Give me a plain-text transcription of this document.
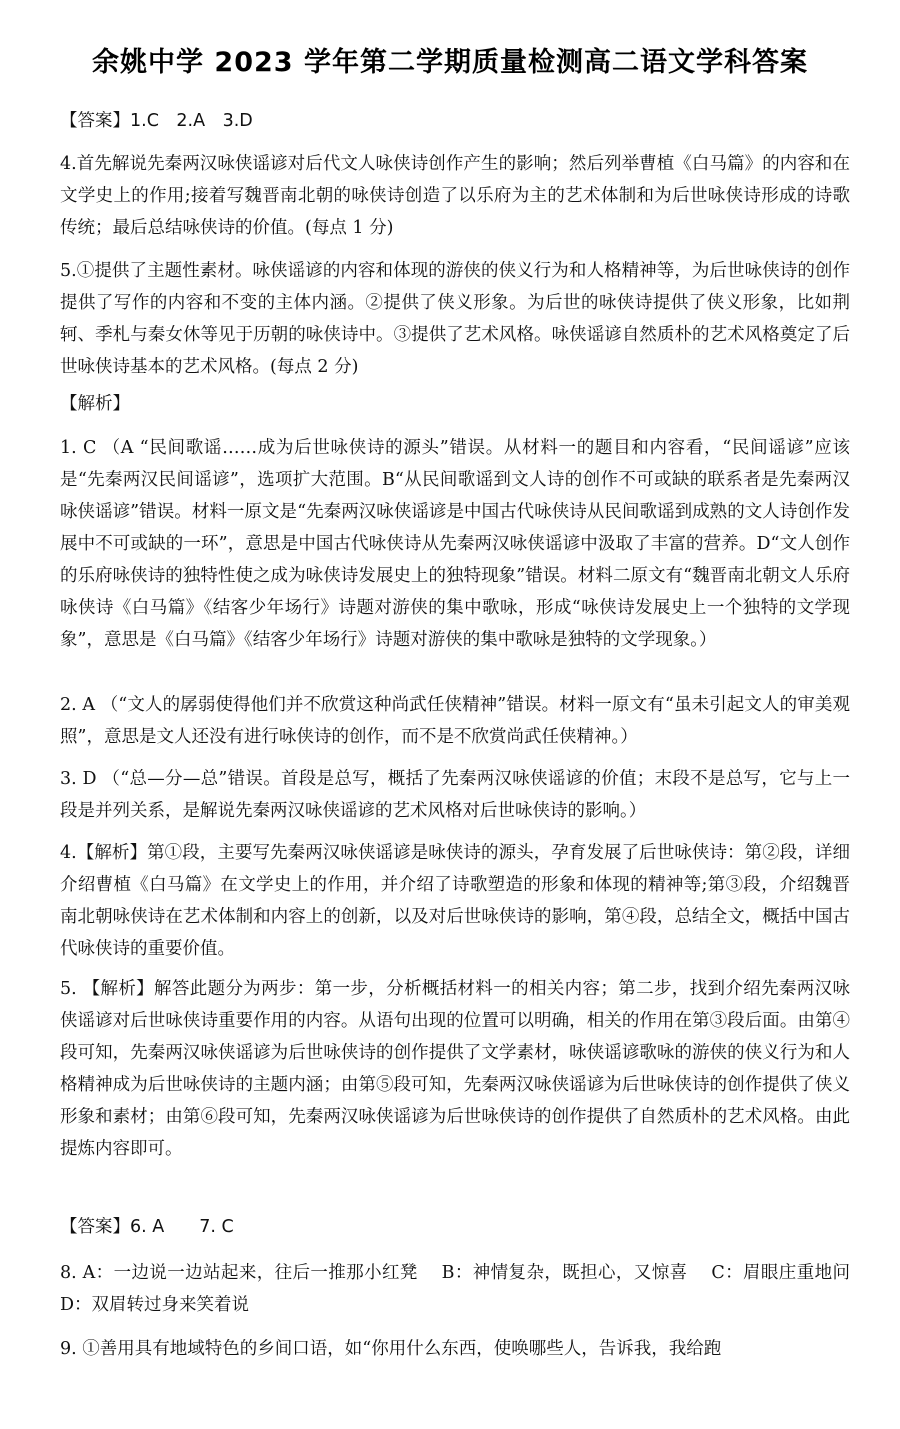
余姚中学 2023 学年第二学期质量检测高二语文学科答案
【答案】1.C　2.A　3.D
4.首先解说先秦两汉咏侠谣谚对后代文人咏侠诗创作产生的影响；然后列举曹植《白马篇》的内容和在文学史上的作用;接着写魏晋南北朝的咏侠诗创造了以乐府为主的艺术体制和为后世咏侠诗形成的诗歌传统；最后总结咏侠诗的价值。(每点 1 分)
5.①提供了主题性素材。咏侠谣谚的内容和体现的游侠的侠义行为和人格精神等，为后世咏侠诗的创作提供了写作的内容和不变的主体内涵。②提供了侠义形象。为后世的咏侠诗提供了侠义形象，比如荆轲、季札与秦女休等见于历朝的咏侠诗中。③提供了艺术风格。咏侠谣谚自然质朴的艺术风格奠定了后世咏侠诗基本的艺术风格。(每点 2 分)
【解析】
1. C （A “民间歌谣……成为后世咏侠诗的源头”错误。从材料一的题目和内容看，“民间谣谚”应该是“先秦两汉民间谣谚”，选项扩大范围。B“从民间歌谣到文人诗的创作不可或缺的联系者是先秦两汉咏侠谣谚”错误。材料一原文是“先秦两汉咏侠谣谚是中国古代咏侠诗从民间歌谣到成熟的文人诗创作发展中不可或缺的一环”，意思是中国古代咏侠诗从先秦两汉咏侠谣谚中汲取了丰富的营养。D“文人创作的乐府咏侠诗的独特性使之成为咏侠诗发展史上的独特现象”错误。材料二原文有“魏晋南北朝文人乐府咏侠诗《白马篇》《结客少年场行》诗题对游侠的集中歌咏，形成“咏侠诗发展史上一个独特的文学现象”，意思是《白马篇》《结客少年场行》诗题对游侠的集中歌咏是独特的文学现象。）
2. A （“文人的孱弱使得他们并不欣赏这种尚武任侠精神”错误。材料一原文有“虽未引起文人的审美观照”，意思是文人还没有进行咏侠诗的创作，而不是不欣赏尚武任侠精神。）
3. D （“总—分—总”错误。首段是总写，概括了先秦两汉咏侠谣谚的价值；末段不是总写，它与上一段是并列关系，是解说先秦两汉咏侠谣谚的艺术风格对后世咏侠诗的影响。）
4.【解析】第①段，主要写先秦两汉咏侠谣谚是咏侠诗的源头，孕育发展了后世咏侠诗：第②段，详细介绍曹植《白马篇》在文学史上的作用，并介绍了诗歌塑造的形象和体现的精神等;第③段，介绍魏晋南北朝咏侠诗在艺术体制和内容上的创新，以及对后世咏侠诗的影响，第④段，总结全文，概括中国古代咏侠诗的重要价值。
5. 【解析】解答此题分为两步：第一步，分析概括材料一的相关内容；第二步，找到介绍先秦两汉咏侠谣谚对后世咏侠诗重要作用的内容。从语句出现的位置可以明确，相关的作用在第③段后面。由第④段可知，先秦两汉咏侠谣谚为后世咏侠诗的创作提供了文学素材，咏侠谣谚歌咏的游侠的侠义行为和人格精神成为后世咏侠诗的主题内涵；由第⑤段可知，先秦两汉咏侠谣谚为后世咏侠诗的创作提供了侠义形象和素材；由第⑥段可知，先秦两汉咏侠谣谚为后世咏侠诗的创作提供了自然质朴的艺术风格。由此提炼内容即可。
【答案】6. A　　7. C
8. A：一边说一边站起来，往后一推那小红凳　 B：神情复杂，既担心，又惊喜　 C：眉眼庄重地问 D：双眉转过身来笑着说
9. ①善用具有地域特色的乡间口语，如“你用什么东西，使唤哪些人，告诉我，我给跑
